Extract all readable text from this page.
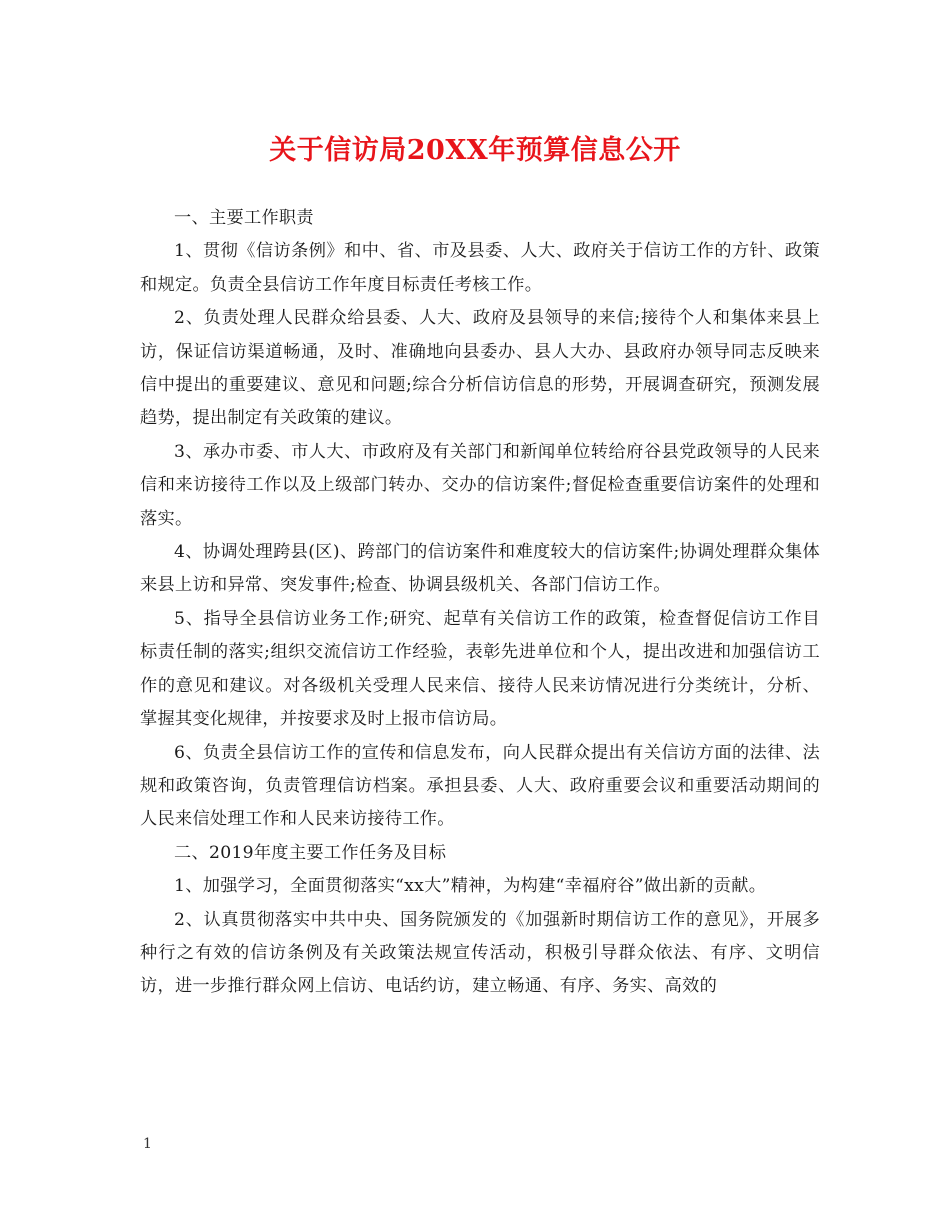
关于信访局20XX年预算信息公开

一、主要工作职责

1、贯彻《信访条例》和中、省、市及县委、人大、政府关于信访工作的方针、政策和规定。负责全县信访工作年度目标责任考核工作。

2、负责处理人民群众给县委、人大、政府及县领导的来信;接待个人和集体来县上访，保证信访渠道畅通，及时、准确地向县委办、县人大办、县政府办领导同志反映来信中提出的重要建议、意见和问题;综合分析信访信息的形势，开展调查研究，预测发展趋势，提出制定有关政策的建议。

3、承办市委、市人大、市政府及有关部门和新闻单位转给府谷县党政领导的人民来信和来访接待工作以及上级部门转办、交办的信访案件;督促检查重要信访案件的处理和落实。

4、协调处理跨县(区)、跨部门的信访案件和难度较大的信访案件;协调处理群众集体来县上访和异常、突发事件;检查、协调县级机关、各部门信访工作。

5、指导全县信访业务工作;研究、起草有关信访工作的政策，检查督促信访工作目标责任制的落实;组织交流信访工作经验，表彰先进单位和个人，提出改进和加强信访工作的意见和建议。对各级机关受理人民来信、接待人民来访情况进行分类统计，分析、掌握其变化规律，并按要求及时上报市信访局。

6、负责全县信访工作的宣传和信息发布，向人民群众提出有关信访方面的法律、法规和政策咨询，负责管理信访档案。承担县委、人大、政府重要会议和重要活动期间的人民来信处理工作和人民来访接待工作。

二、2019年度主要工作任务及目标

1、加强学习，全面贯彻落实“xx大”精神，为构建“幸福府谷”做出新的贡献。

2、认真贯彻落实中共中央、国务院颁发的《加强新时期信访工作的意见》，开展多种行之有效的信访条例及有关政策法规宣传活动，积极引导群众依法、有序、文明信访，进一步推行群众网上信访、电话约访，建立畅通、有序、务实、高效的

1
